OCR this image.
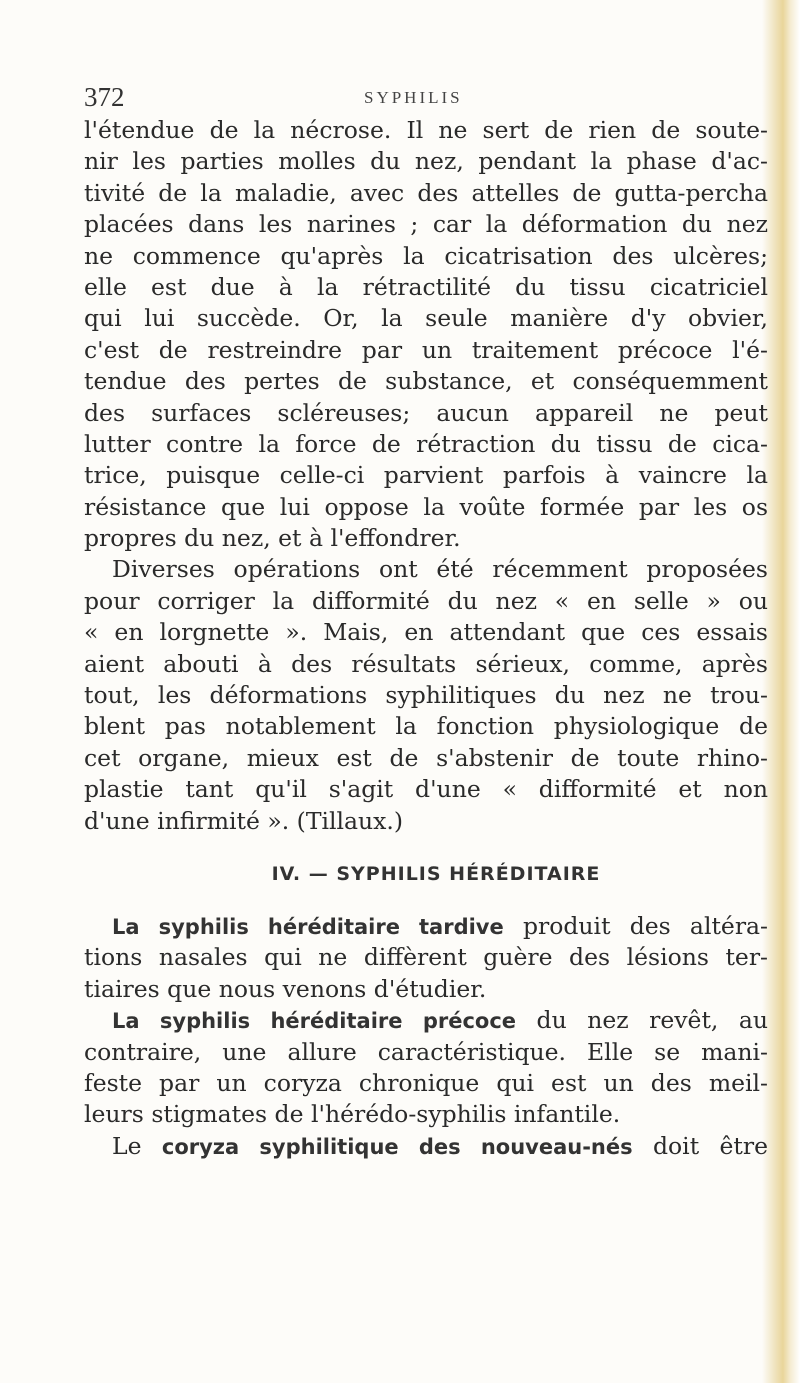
372	SYPHILIS
l'étendue de la nécrose. Il ne sert de rien de soute-
nir les parties molles du nez, pendant la phase d'ac-
tivité de la maladie, avec des attelles de gutta-percha
placées dans les narines ; car la déformation du nez
ne commence qu'après la cicatrisation des ulcères;
elle est due à la rétractilité du tissu cicatriciel
qui lui succède. Or, la seule manière d'y obvier,
c'est de restreindre par un traitement précoce l'é-
tendue des pertes de substance, et conséquemment
des surfaces scléreuses; aucun appareil ne peut
lutter contre la force de rétraction du tissu de cica-
trice, puisque celle-ci parvient parfois à vaincre la
résistance que lui oppose la voûte formée par les os
propres du nez, et à l'effondrer.
Diverses opérations ont été récemment proposées
pour corriger la difformité du nez « en selle » ou
« en lorgnette ». Mais, en attendant que ces essais
aient abouti à des résultats sérieux, comme, après
tout, les déformations syphilitiques du nez ne trou-
blent pas notablement la fonction physiologique de
cet organe, mieux est de s'abstenir de toute rhino-
plastie tant qu'il s'agit d'une « difformité et non
d'une infirmité ». (Tillaux.)
IV. — SYPHILIS HÉRÉDITAIRE
La syphilis héréditaire tardive produit des altéra-
tions nasales qui ne diffèrent guère des lésions ter-
tiaires que nous venons d'étudier.
La syphilis héréditaire précoce du nez revêt, au
contraire, une allure caractéristique. Elle se mani-
feste par un coryza chronique qui est un des meil-
leurs stigmates de l'hérédo-syphilis infantile.
Le coryza syphilitique des nouveau-nés doit être
